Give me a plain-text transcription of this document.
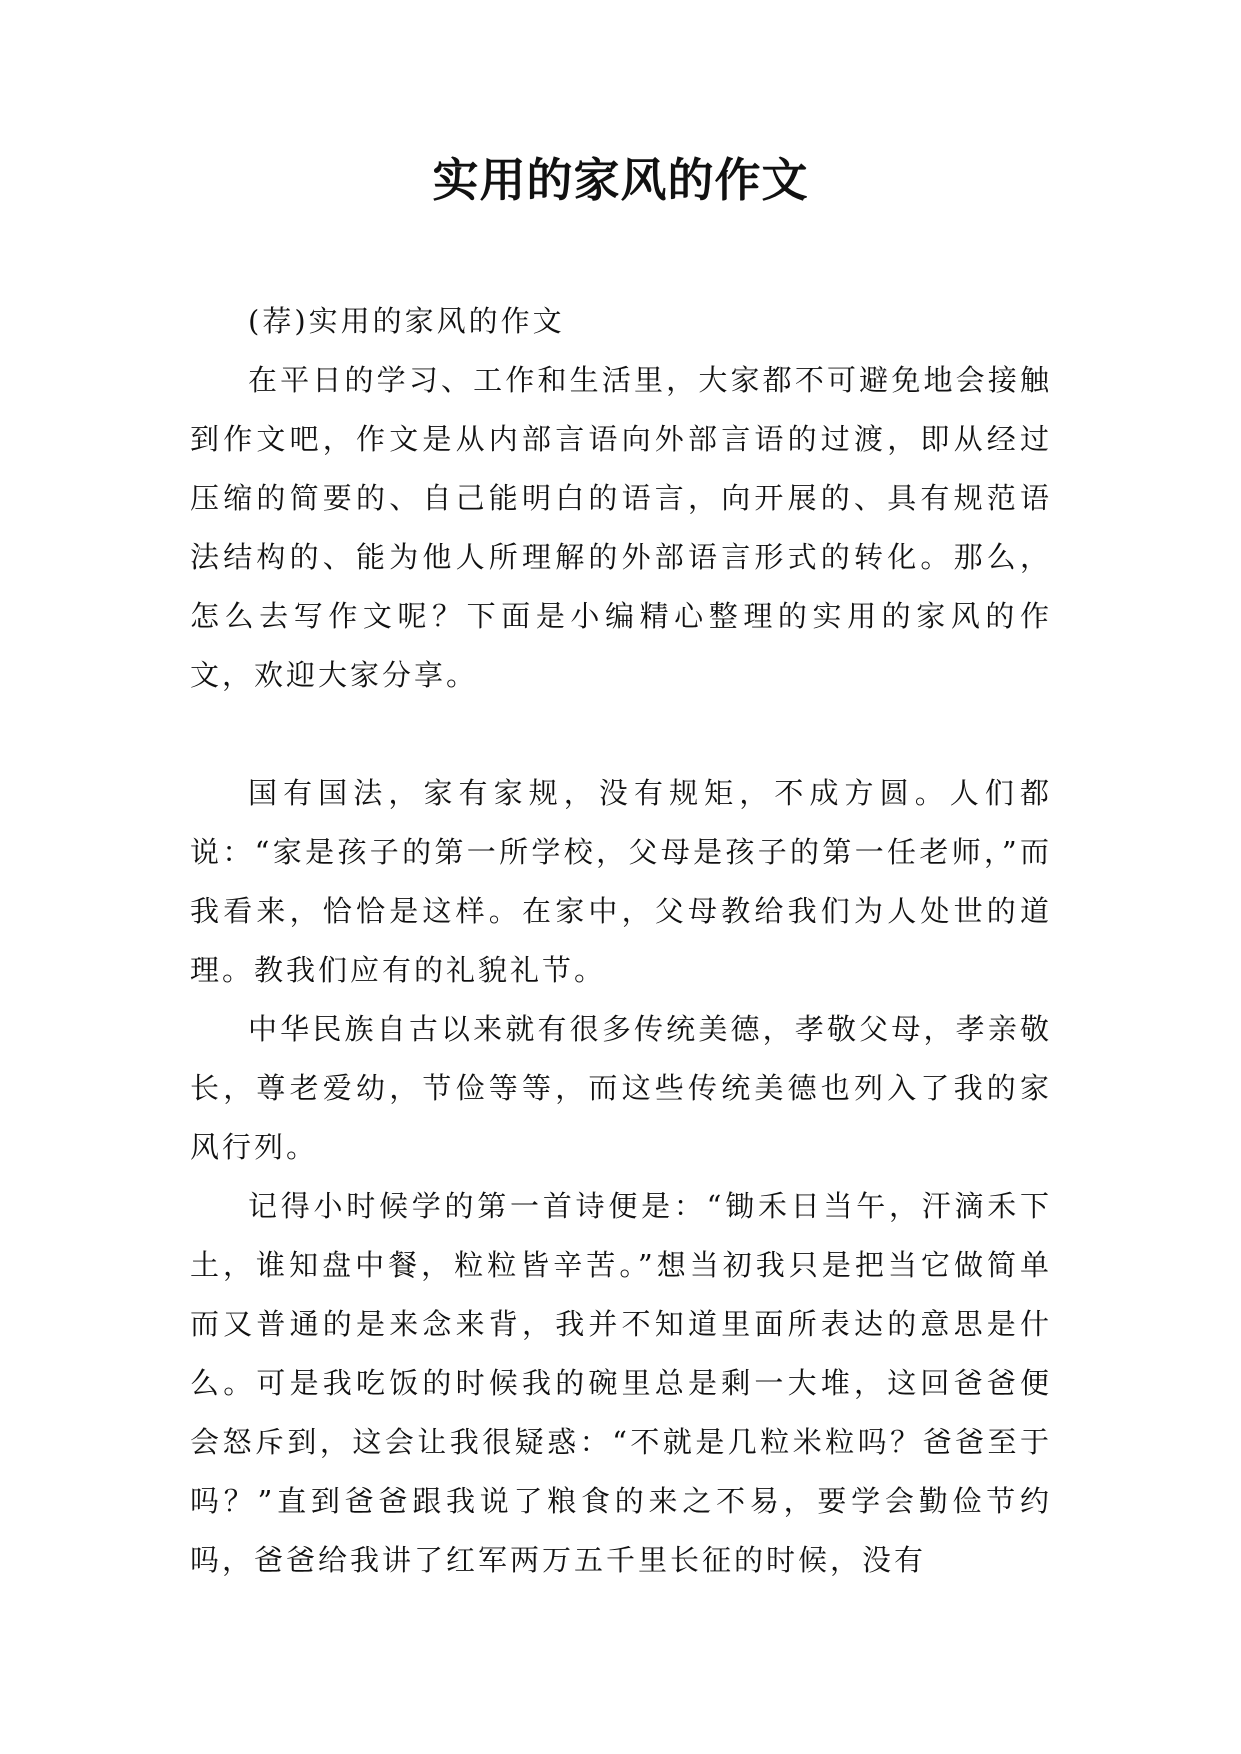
实用的家风的作文

(荐)实用的家风的作文

在平日的学习、工作和生活里，大家都不可避免地会接触到作文吧，作文是从内部言语向外部言语的过渡，即从经过压缩的简要的、自己能明白的语言，向开展的、具有规范语法结构的、能为他人所理解的外部语言形式的转化。那么，怎么去写作文呢？下面是小编精心整理的实用的家风的作文，欢迎大家分享。

国有国法，家有家规，没有规矩，不成方圆。人们都说：“家是孩子的第一所学校，父母是孩子的第一任老师，”而我看来，恰恰是这样。在家中，父母教给我们为人处世的道理。教我们应有的礼貌礼节。

中华民族自古以来就有很多传统美德，孝敬父母，孝亲敬长，尊老爱幼，节俭等等，而这些传统美德也列入了我的家风行列。

记得小时候学的第一首诗便是：“锄禾日当午，汗滴禾下土，谁知盘中餐，粒粒皆辛苦。”想当初我只是把当它做简单而又普通的是来念来背，我并不知道里面所表达的意思是什么。可是我吃饭的时候我的碗里总是剩一大堆，这回爸爸便会怒斥到，这会让我很疑惑：“不就是几粒米粒吗？爸爸至于吗？”直到爸爸跟我说了粮食的来之不易，要学会勤俭节约吗，爸爸给我讲了红军两万五千里长征的时候，没有
